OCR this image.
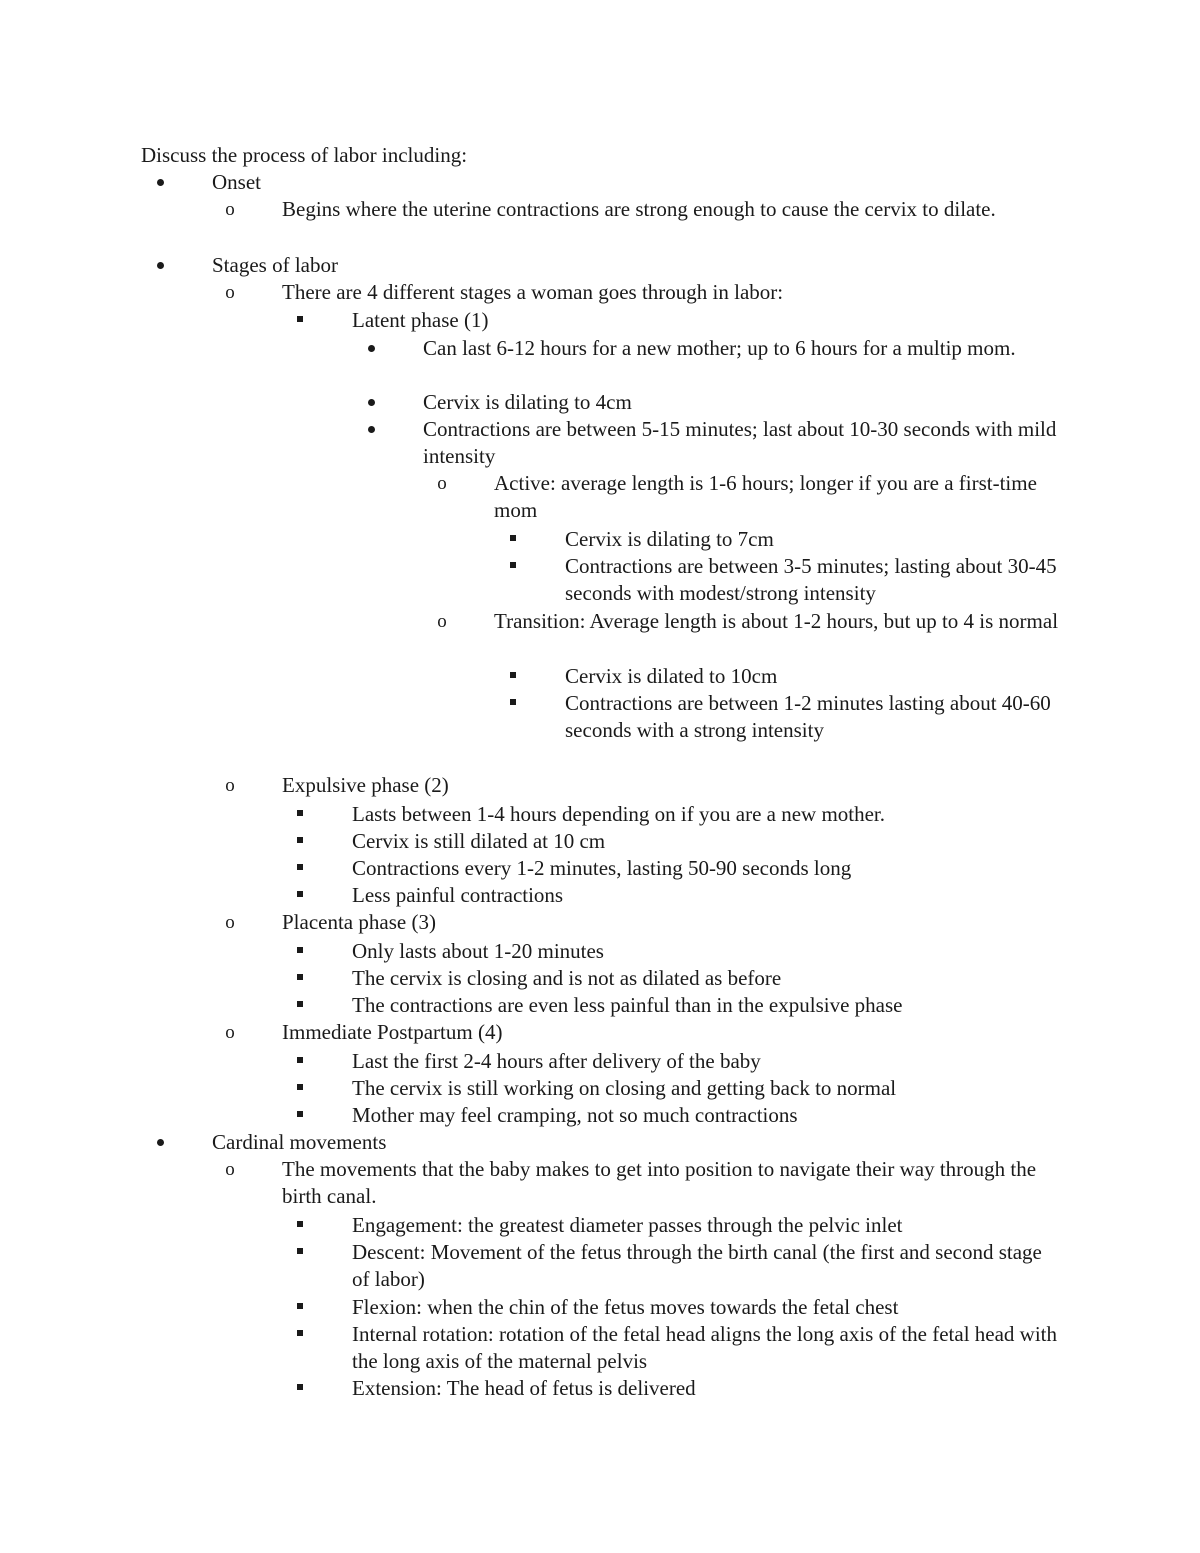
Discuss the process of labor including:
Onset
o	Begins where the uterine contractions are strong enough to cause the cervix to dilate.
Stages of labor
o	There are 4 different stages a woman goes through in labor:
Latent phase (1)
Can last 6-12 hours for a new mother; up to 6 hours for a multip mom.
Cervix is dilating to 4cm
Contractions are between 5-15 minutes; last about 10-30 seconds with mild intensity
o	Active: average length is 1-6 hours; longer if you are a first-time mom
Cervix is dilating to 7cm
Contractions are between 3-5 minutes; lasting about 30-45 seconds with modest/strong intensity
o	Transition: Average length is about 1-2 hours, but up to 4 is normal
Cervix is dilated to 10cm
Contractions are between 1-2 minutes lasting about 40-60 seconds with a strong intensity
o	Expulsive phase (2)
Lasts between 1-4 hours depending on if you are a new mother.
Cervix is still dilated at 10 cm
Contractions every 1-2 minutes, lasting 50-90 seconds long
Less painful contractions
o	Placenta phase (3)
Only lasts about 1-20 minutes
The cervix is closing and is not as dilated as before
The contractions are even less painful than in the expulsive phase
o	Immediate Postpartum (4)
Last the first 2-4 hours after delivery of the baby
The cervix is still working on closing and getting back to normal
Mother may feel cramping, not so much contractions
Cardinal movements
o	The movements that the baby makes to get into position to navigate their way through the birth canal.
Engagement: the greatest diameter passes through the pelvic inlet
Descent: Movement of the fetus through the birth canal (the first and second stage of labor)
Flexion: when the chin of the fetus moves towards the fetal chest
Internal rotation: rotation of the fetal head aligns the long axis of the fetal head with the long axis of the maternal pelvis
Extension: The head of fetus is delivered
